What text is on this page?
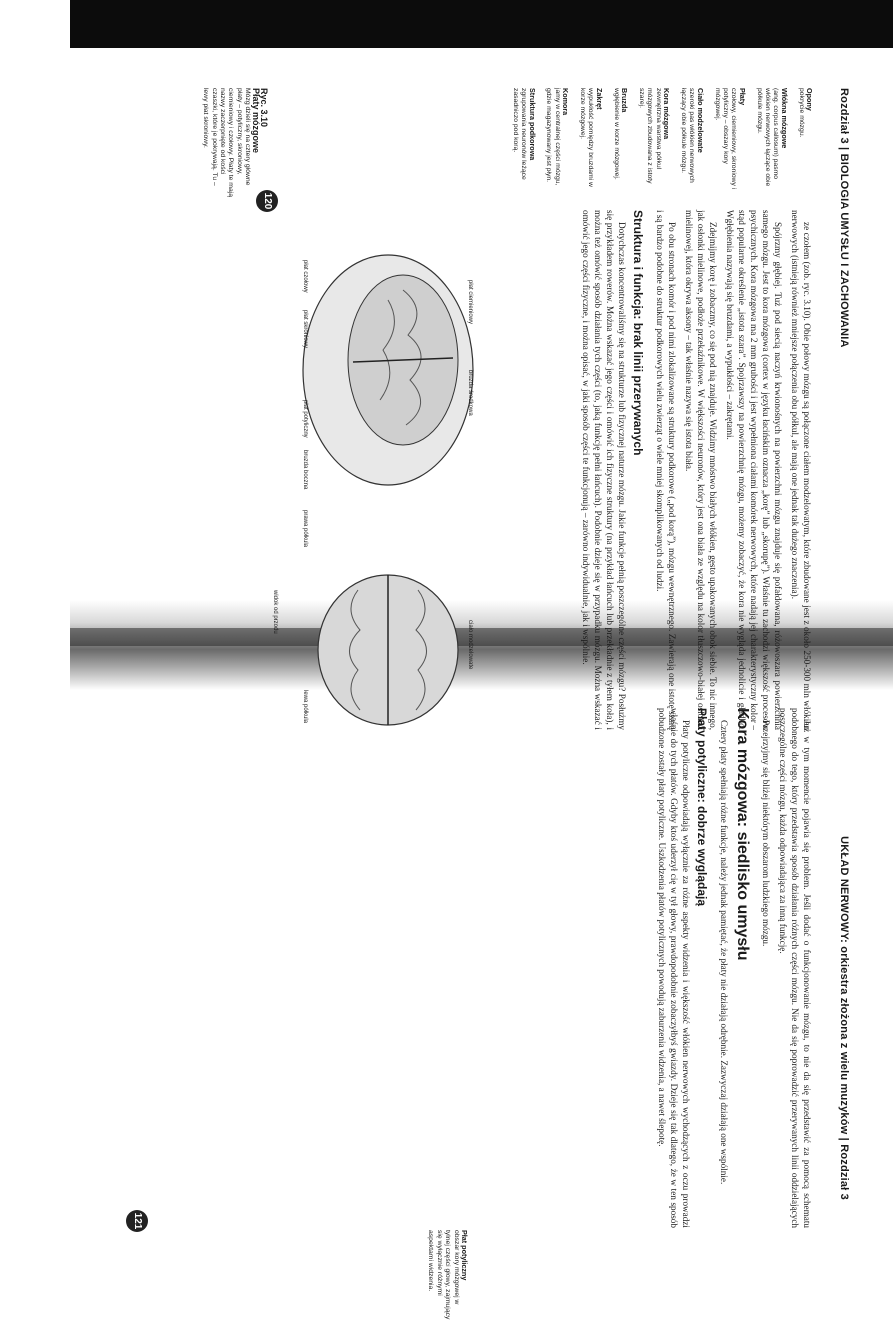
Rozdział 3 | BIOLOGIA UMYSŁU I ZACHOWANIA
Opony
pokrycie mózgu.

Włókna mózgowe
(ang. corpus callosum) pasmo włókien nerwowych łączące obie półkule mózgu.

Płaty
czołowy, ciemieniowy, skroniowy i potyliczny – obszary kory mózgowej.

Ciało modzelowate
szeroki pas włókien nerwowych łączący obie półkule mózgu.

Kora mózgowa
zewnętrzna warstwa półkul mózgowych zbudowana z istoty szarej.

Bruzda
wgłębienie w korze mózgowej.

Zakręt
wypukłość pomiędzy bruzdami w korze mózgowej.

Komora
jamy w centralnej części mózgu, gdzie magazynowany jest płyn.

Struktura podkorowa
zgrupowania neuronów leżące zasadniczo pod korą.

ze czołem (zob. ryc. 3.10). Obie połowy mózgu są połączone ciałem modzelowatym, które zbudowane jest z około 250-300 mln włókien nerwowych (istnieją również mniejsze połączenia obu półkul, ale mają one jednak tak dużego znaczenia).

Spójrzmy głębiej. Tuż pod siecią naczyń krwionośnych na powierzchni mózgu znajduje się pofałdowana, różowoszara powierzchnia samego mózgu. Jest to kora mózgowa (cortex w języku łacińskim oznacza „korę” lub „skorupę”). Właśnie tu zachodzi większość procesów psychicznych. Kora mózgowa ma 2 mm grubości i jest wypełniona ciałami komórek nerwowych, które nadają jej charakterystyczny kolor – stąd popularne określenie „istota szara”. Spojrzawszy na powierzchnię mózgu, możemy zobaczyć, że kora nie wygląda jednolicie i gładko. Wgłębienia nazywają się bruzdami, a wypukłości – zakrętami.

Zdejmijmy korę i zobaczmy, co się pod nią znajduje. Widzimy mnóstwo białych włókien, gęsto upakowanych obok siebie. To nic innego, jak osłonki mielinowe, podłoże przekaźnikowe. W większości neuronów, który jest ona biała ze względu na kolor tłuszczowo-białej osłonki mielinowej, która okrywa aksony – tak właśnie nazywa się istota biała.

Po obu stronach komór i pod nimi zlokalizowane są struktury podkorowe („pod korą”), mózgu wewnętrznego. Zawierają one istotę szarą i są bardzo podobne do struktur podkorowych wielu zwierząt o wiele mniej skomplikowanych od ludzi.

Struktura i funkcja: brak linii przerywanych

Dotychczas koncentrowaliśmy się na strukturze lub fizycznej naturze mózgu. Jakie funkcje pełnią poszczególne części mózgu? Posłużmy się przykładem rowerów. Można wskazać jego części i omówić ich fizyczne struktury (na przykład łańcuch lub przekładnie z tyłem koła), i można też omówić sposób działania tych części (to, jaką funkcję pełni łańcuch). Podobnie dzieje się w przypadku mózgu. Można wskazać i omówić jego części fizyczne, i można opisać, w jaki sposób części te funkcjonują – zarówno indywidualnie, jak i wspólnie.

płat ciemieniowy
bruzda środkowa
płat czołowy
płat potyliczny
płat skroniowy
bruzda boczna
prawa półkula
ciało modzelowate
lewa półkula
widok od przodu
Ryc. 3.10
Płaty mózgowe
Mózg dzieli się na cztery główne płaty – potyliczny, skroniowy, ciemieniowy i czołowy. Płaty te mają nazwy zaczerpnięte od kości czaszki, które je pokrywają. Tu – lewy płat skroniowy.
120
UKŁAD NERWOWY: orkiestra złożona z wielu muzyków | Rozdział 3

Już w tym momencie pojawia się problem. Jeśli dodać o funkcjonowanie mózgu, to nie da się przedstawić za pomocą schematu podobnego do tego, który przedstawia sposób działania różnych części mózgu. Nie da się poprowadzić przerywanych linii oddzielających poszczególne części mózgu, każda odpowiadająca za inną funkcję.

Przejrzyjmy się bliżej niektórym obszarom ludzkiego mózgu.

Kora mózgowa: siedlisko umysłu

Cztery płaty spełniają różne funkcje, należy jednak pamiętać, że płaty nie działają odrębnie. Zazwyczaj działają one wspólnie.

Płaty potyliczne: dobrze wyglądają

Płaty potyliczne odpowiadają wyłącznie za różne aspekty widzenia i większość włókien nerwowych wychodzących z oczu prowadzi właśnie do tych płatów. Gdyby ktoś uderzył cię w tył głowy, prawdopodobnie zobaczyłbyś gwiazdy. Dzieje się tak dlatego, że w ten sposób pobudzone zostały płaty potyliczne. Uszkodzenia płatów potylicznych powodują zaburzenia widzenia, a nawet ślepotę.

Płat potyliczny
obszar kory mózgowej w tylnej części głowy, zajmujący się wyłącznie różnymi aspektami widzenia.
121
